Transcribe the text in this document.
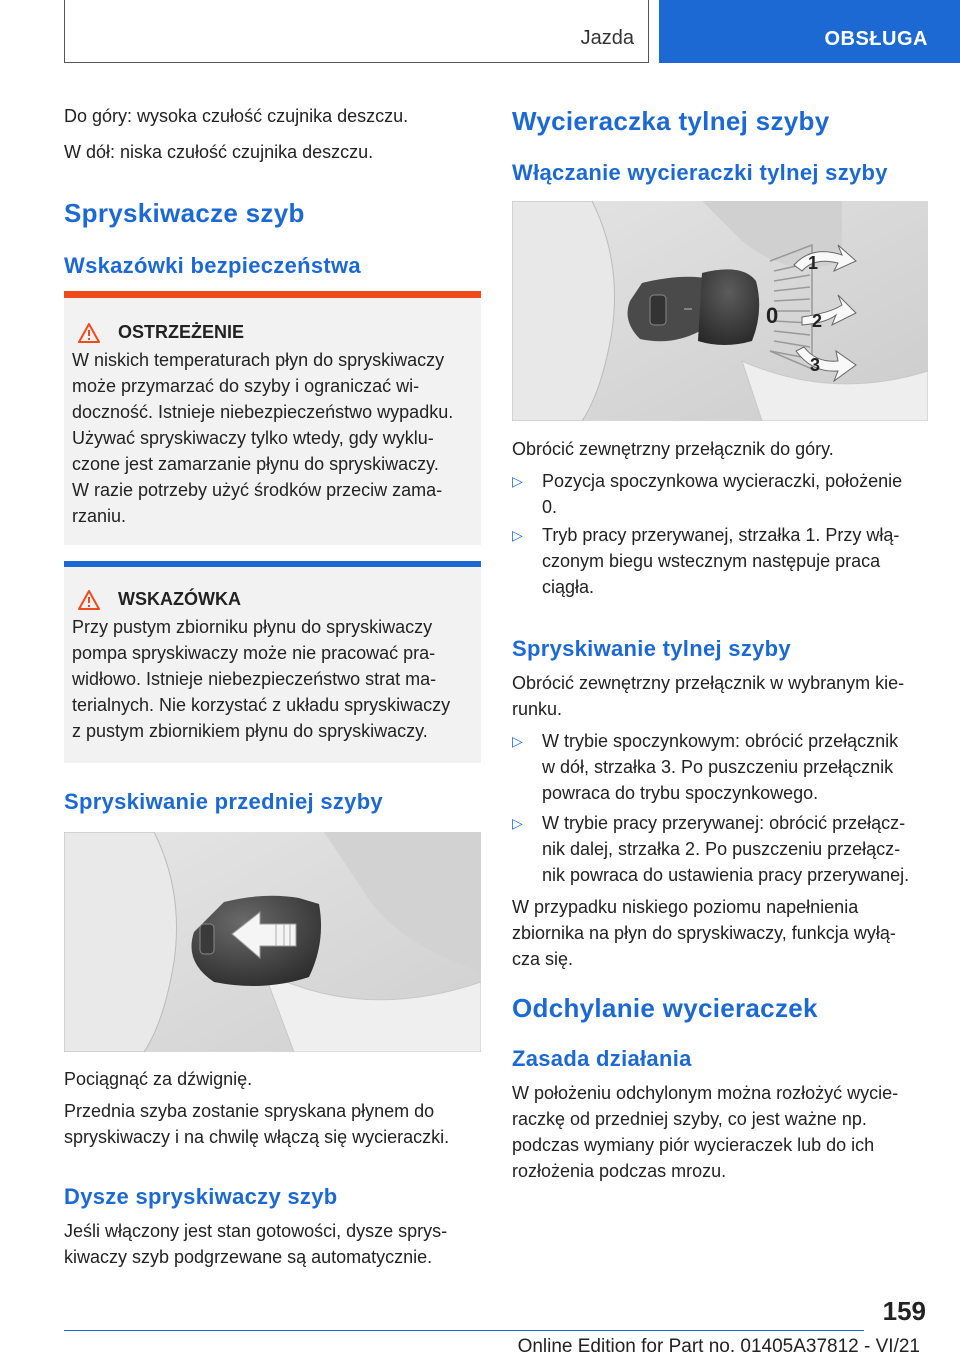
Jazda	OBSŁUGA

Do góry: wysoka czułość czujnika deszczu.

W dół: niska czułość czujnika deszczu.

Spryskiwacze szyb
Wskazówki bezpieczeństwa
OSTRZEŻENIE
W niskich temperaturach płyn do spryskiwaczy
może przymarzać do szyby i ograniczać wi-
doczność. Istnieje niebezpieczeństwo wypadku.
Używać spryskiwaczy tylko wtedy, gdy wyklu-
czone jest zamarzanie płynu do spryskiwaczy.
W razie potrzeby użyć środków przeciw zama-
rzaniu.
WSKAZÓWKA
Przy pustym zbiorniku płynu do spryskiwaczy
pompa spryskiwaczy może nie pracować pra-
widłowo. Istnieje niebezpieczeństwo strat ma-
terialnych. Nie korzystać z układu spryskiwaczy
z pustym zbiornikiem płynu do spryskiwaczy.
Spryskiwanie przedniej szyby

Pociągnąć za dźwignię.

Przednia szyba zostanie spryskana płynem do

spryskiwaczy i na chwilę włączą się wycieraczki.

Dysze spryskiwaczy szyb

Jeśli włączony jest stan gotowości, dysze sprys-

kiwaczy szyb podgrzewane są automatycznie.

Wycieraczka tylnej szyby
Włączanie wycieraczki tylnej szyby
1
0 2
3

Obrócić zewnętrzny przełącznik do góry.

▷	Pozycja spoczynkowa wycieraczki, położenie
0.
▷	Tryb pracy przerywanej, strzałka 1. Przy włą-
czonym biegu wstecznym następuje praca
ciągła.
Spryskiwanie tylnej szyby

Obrócić zewnętrzny przełącznik w wybranym kie-

runku.

▷	W trybie spoczynkowym: obrócić przełącznik
w dół, strzałka 3. Po puszczeniu przełącznik
powraca do trybu spoczynkowego.
▷	W trybie pracy przerywanej: obrócić przełącz-
nik dalej, strzałka 2. Po puszczeniu przełącz-
nik powraca do ustawienia pracy przerywanej.

W przypadku niskiego poziomu napełnienia

zbiornika na płyn do spryskiwaczy, funkcja wyłą-

cza się.

Odchylanie wycieraczek
Zasada działania

W położeniu odchylonym można rozłożyć wycie-

raczkę od przedniej szyby, co jest ważne np.

podczas wymiany piór wycieraczek lub do ich

rozłożenia podczas mrozu.

159
Online Edition for Part no. 01405A37812 - VI/21
